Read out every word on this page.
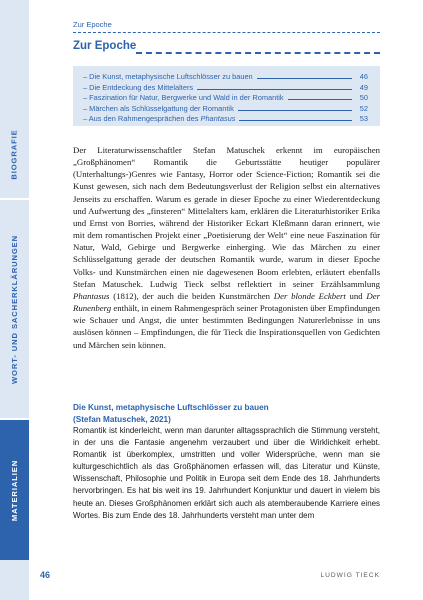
BIOGRAFIE
WORT- UND SACHERKLÄRUNGEN
MATERIALIEN
Zur Epoche
Zur Epoche
– Die Kunst, metaphysische Luftschlösser zu bauen	46
– Die Entdeckung des Mittelalters	49
– Faszination für Natur, Bergwerke und Wald in der Romantik	50
– Märchen als Schlüsselgattung der Romantik	52
– Aus den Rahmengesprächen des Phantasus	53
Der Literaturwissenschaftler Stefan Matuschek erkennt im europäischen „Großphänomen“ Romantik die Geburtsstätte heutiger populärer (Unterhaltungs-)Genres wie Fantasy, Horror oder Science-Fiction; Romantik sei die Kunst gewesen, sich nach dem Bedeutungsverlust der Religion selbst ein alternatives Jenseits zu erschaffen. Warum es gerade in dieser Epoche zu einer Wiederentdeckung und Aufwertung des „finsteren“ Mittelalters kam, erklären die Literaturhistoriker Erika und Ernst von Borries, während der Historiker Eckart Kleßmann daran erinnert, wie mit dem romantischen Projekt einer „Poetisierung der Welt“ eine neue Faszination für Natur, Wald, Gebirge und Bergwerke einherging. Wie das Märchen zu einer Schlüsselgattung gerade der deutschen Romantik wurde, warum in dieser Epoche Volks- und Kunstmärchen einen nie dagewesenen Boom erlebten, erläutert ebenfalls Stefan Matuschek. Ludwig Tieck selbst reflektiert in seiner Erzählsammlung Phantasus (1812), der auch die beiden Kunstmärchen Der blonde Eckbert und Der Runenberg enthält, in einem Rahmengespräch seiner Protagonisten über Empfindungen wie Schauer und Angst, die unter bestimmten Bedingungen Naturerlebnisse in uns auslösen können – Empfindungen, die für Tieck die Inspirationsquellen von Gedichten und Märchen sein können.
Die Kunst, metaphysische Luftschlösser zu bauen
(Stefan Matuschek, 2021)
Romantik ist kinderleicht, wenn man darunter alltagssprachlich die Stimmung versteht, in der uns die Fantasie angenehm verzaubert und über die Wirklichkeit erhebt. Romantik ist überkomplex, umstritten und voller Widersprüche, wenn man sie kulturgeschichtlich als das Großphänomen erfassen will, das Literatur und Künste, Wissenschaft, Philosophie und Politik in Europa seit dem Ende des 18. Jahrhunderts hervorbringen. Es hat bis weit ins 19. Jahrhundert Konjunktur und dauert in vielem bis heute an. Dieses Großphänomen erklärt sich auch als atemberaubende Karriere eines Wortes. Bis zum Ende des 18. Jahrhunderts versteht man unter dem
46	LUDWIG TIECK
